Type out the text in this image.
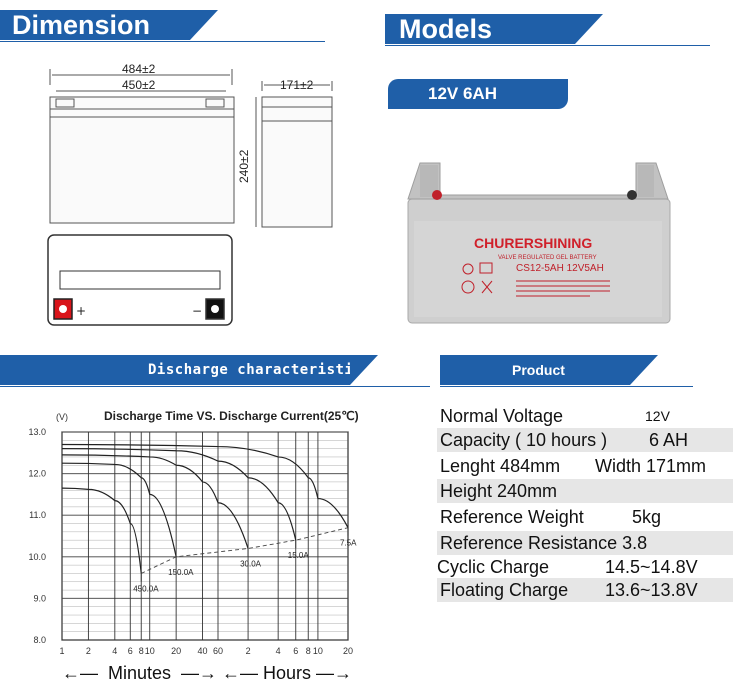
Dimension	Models
Discharge characteristics	Product
12V 6AH
484±2
450±2	171±2
240±2
+	−
CHURERSHINING
VALVE REGULATED GEL BATTERY
CS12-5AH 12V5AH
(V)	Discharge Time VS. Discharge Current(25℃)
13.0
12.0
11.0
10.0
9.0
8.0
1 2 4 6 8 10 20 40 60	2	4 6 8 10 20
450.0A
150.0A
30.0A
15.0A
7.5A
←—  Minutes  —→ ←— Hours —→
Normal Voltage	12V
Capacity ( 10 hours ) 6 AH
Lenght 484mm Width 171mm
Height 240mm
Reference Weight	5kg
Reference Resistance 3.8
Cyclic Charge	14.5~14.8V
Floating Charge 13.6~13.8V
